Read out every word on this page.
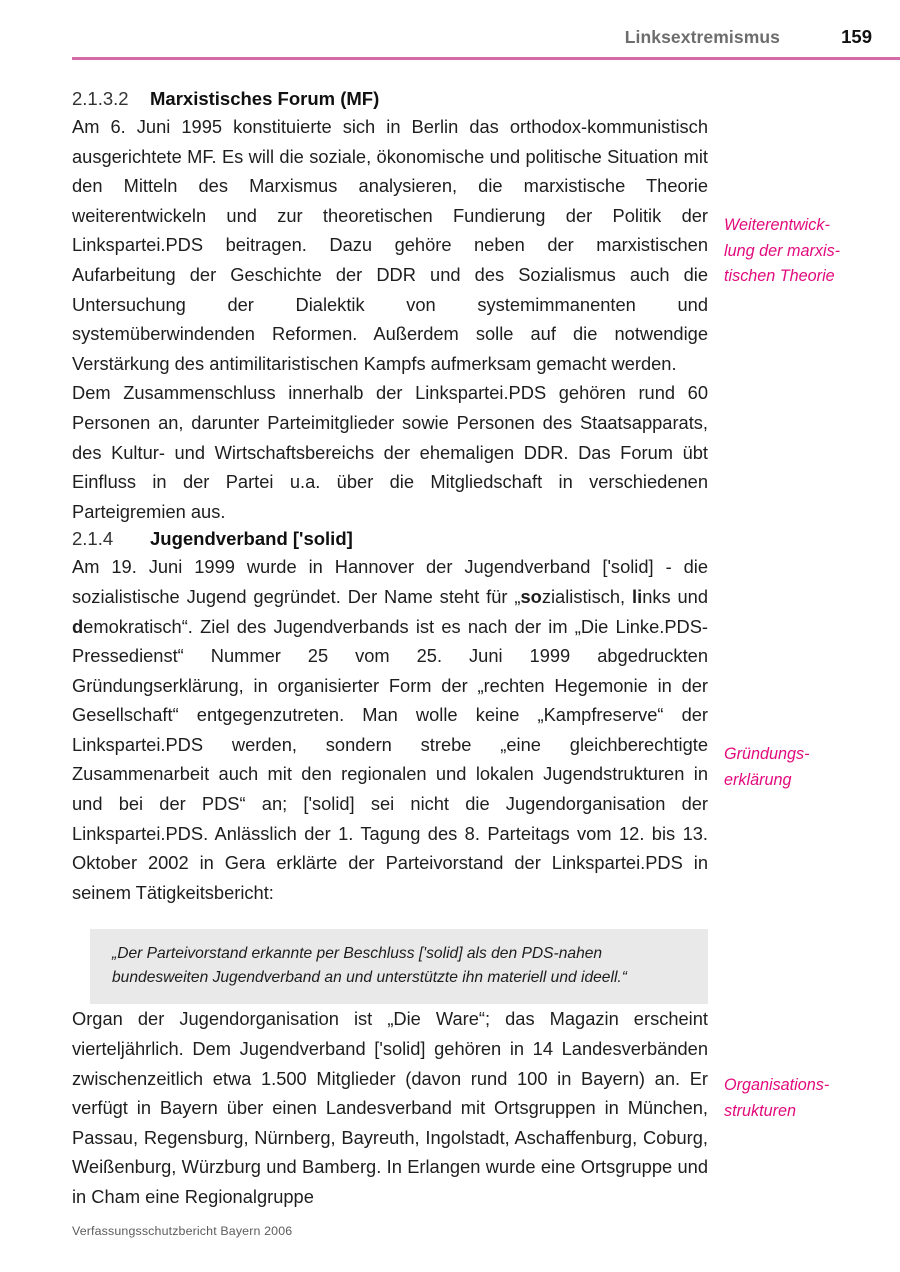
Linksextremismus	159
2.1.3.2	Marxistisches Forum (MF)

Am 6. Juni 1995 konstituierte sich in Berlin das orthodox-kommunistisch ausgerichtete MF. Es will die soziale, ökonomische und politische Situation mit den Mitteln des Marxismus analysieren, die marxistische Theorie weiterentwickeln und zur theoretischen Fundierung der Politik der Linkspartei.PDS beitragen. Dazu gehöre neben der marxistischen Aufarbeitung der Geschichte der DDR und des Sozialismus auch die Untersuchung der Dialektik von systemimmanenten und systemüberwindenden Reformen. Außerdem solle auf die notwendige Verstärkung des antimilitaristischen Kampfs aufmerksam gemacht werden.

Dem Zusammenschluss innerhalb der Linkspartei.PDS gehören rund 60 Personen an, darunter Parteimitglieder sowie Personen des Staatsapparats, des Kultur- und Wirtschaftsbereichs der ehemaligen DDR. Das Forum übt Einfluss in der Partei u.a. über die Mitgliedschaft in verschiedenen Parteigremien aus.

2.1.4	Jugendverband ['solid]

Am 19. Juni 1999 wurde in Hannover der Jugendverband ['solid] - die sozialistische Jugend gegründet. Der Name steht für „sozialistisch, links und demokratisch“. Ziel des Jugendverbands ist es nach der im „Die Linke.PDS-Pressedienst“ Nummer 25 vom 25. Juni 1999 abgedruckten Gründungserklärung, in organisierter Form der „rechten Hegemonie in der Gesellschaft“ entgegenzutreten. Man wolle keine „Kampfreserve“ der Linkspartei.PDS werden, sondern strebe „eine gleichberechtigte Zusammenarbeit auch mit den regionalen und lokalen Jugendstrukturen in und bei der PDS“ an; ['solid] sei nicht die Jugendorganisation der Linkspartei.PDS. Anlässlich der 1. Tagung des 8. Parteitags vom 12. bis 13. Oktober 2002 in Gera erklärte der Parteivorstand der Linkspartei.PDS in seinem Tätigkeitsbericht:

„Der Parteivorstand erkannte per Beschluss ['solid] als den PDS-nahen bundesweiten Jugendverband an und unterstützte ihn materiell und ideell.“

Organ der Jugendorganisation ist „Die Ware“; das Magazin erscheint vierteljährlich. Dem Jugendverband ['solid] gehören in 14 Landesverbänden zwischenzeitlich etwa 1.500 Mitglieder (davon rund 100 in Bayern) an. Er verfügt in Bayern über einen Landesverband mit Ortsgruppen in München, Passau, Regensburg, Nürnberg, Bayreuth, Ingolstadt, Aschaffenburg, Coburg, Weißenburg, Würzburg und Bamberg. In Erlangen wurde eine Ortsgruppe und in Cham eine Regionalgruppe

Weiterentwick-
lung der marxis-
tischen Theorie
Gründungs-
erklärung
Organisations-
strukturen
Verfassungsschutzbericht Bayern 2006
